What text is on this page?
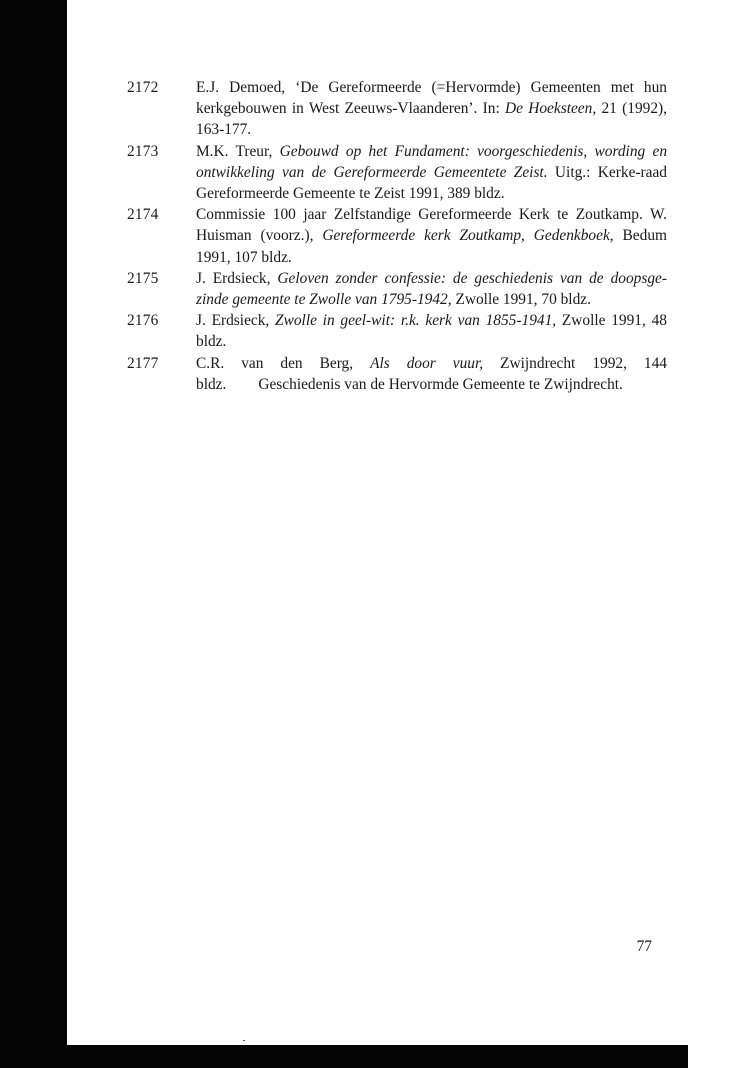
2172	E.J. Demoed, ‘De Gereformeerde (=Hervormde) Gemeenten met hun kerkgebouwen in West Zeeuws-Vlaanderen’. In: De Hoeksteen, 21 (1992), 163-177.
2173	M.K. Treur, Gebouwd op het Fundament: voorgeschiedenis, wording en ontwikkeling van de Gereformeerde Gemeentete Zeist. Uitg.: Kerke-raad Gereformeerde Gemeente te Zeist 1991, 389 bldz.
2174	Commissie 100 jaar Zelfstandige Gereformeerde Kerk te Zoutkamp. W. Huisman (voorz.), Gereformeerde kerk Zoutkamp, Gedenkboek, Bedum 1991, 107 bldz.
2175	J. Erdsieck, Geloven zonder confessie: de geschiedenis van de doopsge-zinde gemeente te Zwolle van 1795-1942, Zwolle 1991, 70 bldz.
2176	J. Erdsieck, Zwolle in geel-wit: r.k. kerk van 1855-1941, Zwolle 1991, 48 bldz.
2177	C.R. van den Berg, Als door vuur, Zwijndrecht 1992, 144 bldz. Geschiedenis van de Hervormde Gemeente te Zwijndrecht.
77
